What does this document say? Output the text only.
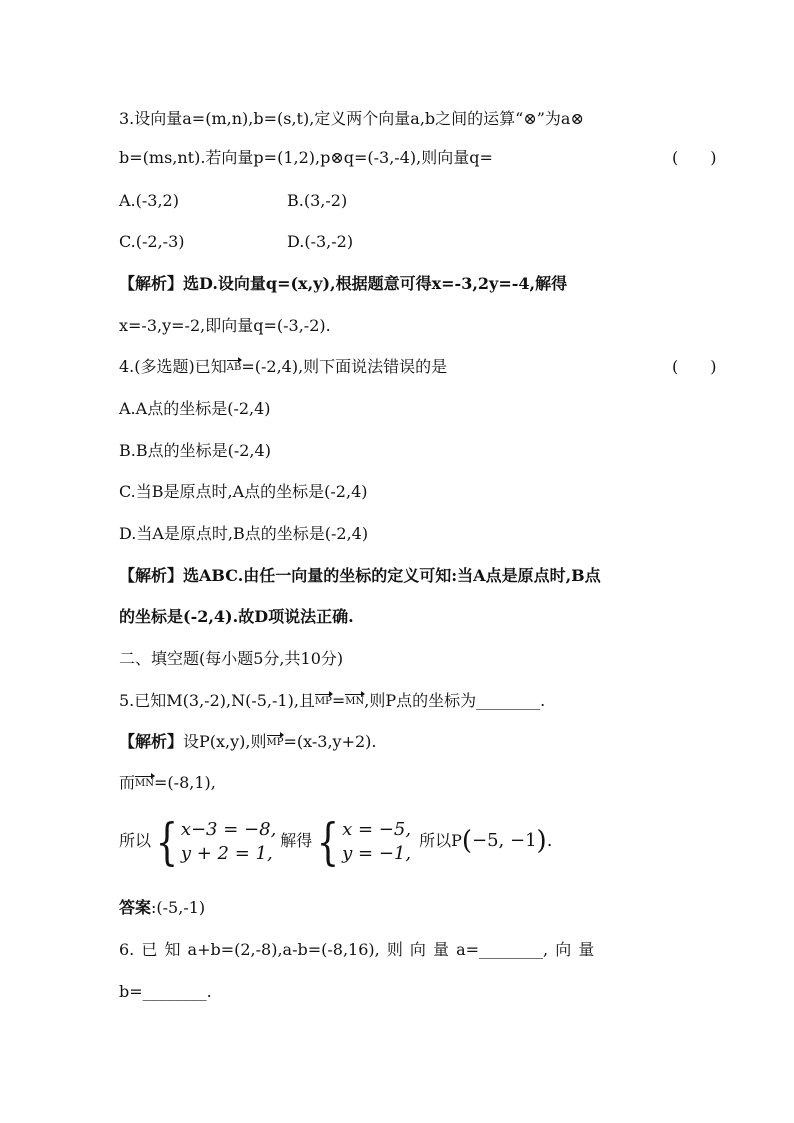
3.设向量a=(m,n),b=(s,t),定义两个向量a,b之间的运算“⊗”为a⊗
b=(ms,nt).若向量p=(1,2),p⊗q=(-3,-4),则向量q=	(　　)
A.(-3,2)	B.(3,-2)
C.(-2,-3)	D.(-3,-2)
【解析】选D.设向量q=(x,y),根据题意可得x=-3,2y=-4,解得
x=-3,y=-2,即向量q=(-3,-2).
4.(多选题)已知AB=(-2,4),则下面说法错误的是	(　　)
A.A点的坐标是(-2,4)
B.B点的坐标是(-2,4)
C.当B是原点时,A点的坐标是(-2,4)
D.当A是原点时,B点的坐标是(-2,4)
【解析】选ABC.由任一向量的坐标的定义可知:当A点是原点时,B点
的坐标是(-2,4).故D项说法正确.
二、填空题(每小题5分,共10分)
5.已知M(3,-2),N(-5,-1),且MP=MN,则P点的坐标为________.
【解析】设P(x,y),则MP=(x-3,y+2).
而MN=(-8,1),
所以 { x−3 = −8,
y + 2 = 1,
解得 { x = −5,
y = −1,
所以P(−5, −1).
答案:(-5,-1)
6. 已 知 a+b=(2,-8),a-b=(-8,16), 则 向 量 a=________, 向 量
b=________.
